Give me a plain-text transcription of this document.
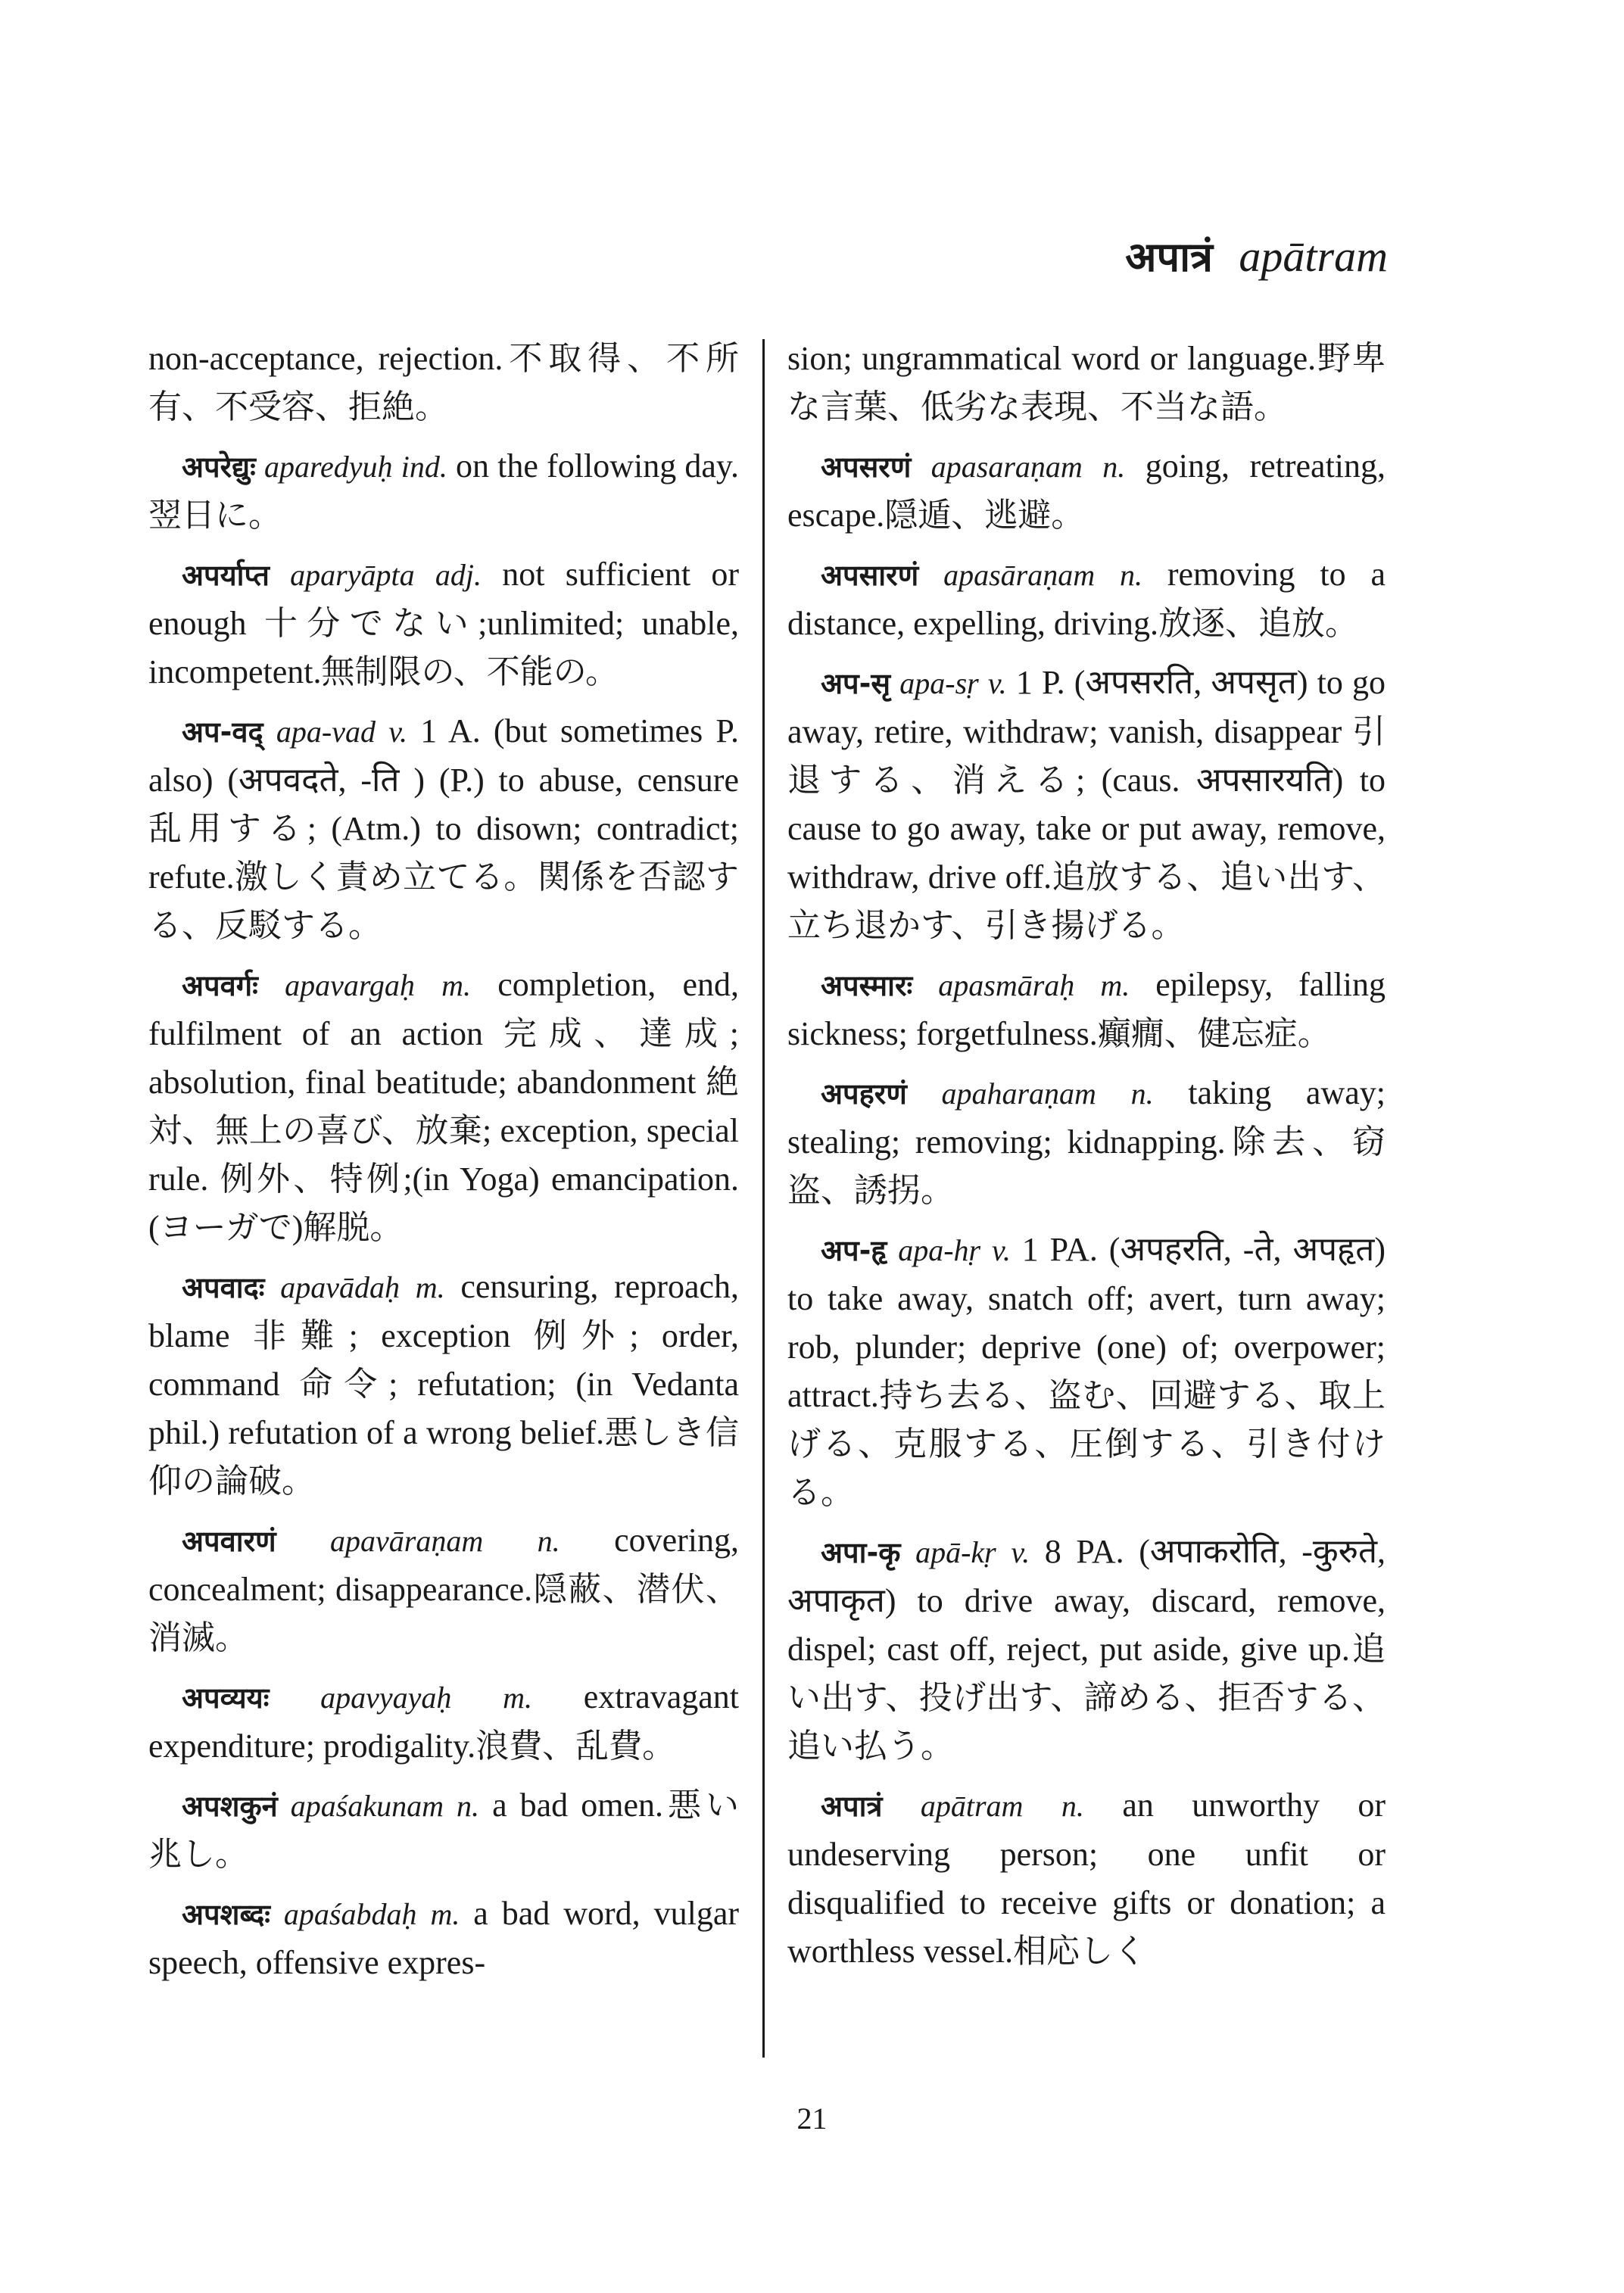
अपात्रं apātram
non-acceptance, rejection.不取得、不所有、不受容、拒絶。
अपरेद्युः aparedyuḥ ind. on the following day.翌日に。
अपर्याप्त aparyāpta adj. not sufficient or enough 十分でない;unlimited; unable, incompetent.無制限の、不能の。
अप-वद् apa-vad v. 1 A. (but sometimes P. also) (अपवदते, -ति ) (P.) to abuse, censure 乱用する; (Atm.) to disown; contradict; refute.激しく責め立てる。関係を否認する、反駁する。
अपवर्गः apavargaḥ m. completion, end, fulfilment of an action 完成、達成; absolution, final beatitude; abandonment 絶対、無上の喜び、放棄; exception, special rule. 例外、特例;(in Yoga) emancipation.(ヨーガで)解脱。
अपवादः apavādaḥ m. censuring, reproach, blame 非難; exception 例外; order, command 命令; refutation; (in Vedanta phil.) refutation of a wrong belief.悪しき信仰の論破。
अपवारणं apavāraṇam n. covering, concealment; disappearance.隠蔽、潜伏、消滅。
अपव्ययः apavyayaḥ m. extravagant expenditure; prodigality.浪費、乱費。
अपशकुनं apaśakunam n. a bad omen.悪い兆し。
अपशब्दः apaśabdaḥ m. a bad word, vulgar speech, offensive expres-
sion; ungrammatical word or language.野卑な言葉、低劣な表現、不当な語。
अपसरणं apasaraṇam n. going, retreating, escape.隠遁、逃避。
अपसारणं apasāraṇam n. removing to a distance, expelling, driving.放逐、追放。
अप-सृ apa-sṛ v. 1 P. (अपसरति, अपसृत) to go away, retire, withdraw; vanish, disappear 引退する、消える; (caus. अपसारयति) to cause to go away, take or put away, remove, withdraw, drive off.追放する、追い出す、立ち退かす、引き揚げる。
अपस्मारः apasmāraḥ m. epilepsy, falling sickness; forgetfulness.癲癇、健忘症。
अपहरणं apaharaṇam n. taking away; stealing; removing; kidnapping.除去、窃盗、誘拐。
अप-हृ apa-hṛ v. 1 PA. (अपहरति, -ते, अपहृत) to take away, snatch off; avert, turn away; rob, plunder; deprive (one) of; overpower; attract.持ち去る、盗む、回避する、取上げる、克服する、圧倒する、引き付ける。
अपा-कृ apā-kṛ v. 8 PA. (अपाकरोति, -कुरुते, अपाकृत) to drive away, discard, remove, dispel; cast off, reject, put aside, give up.追い出す、投げ出す、諦める、拒否する、追い払う。
अपात्रं apātram n. an unworthy or undeserving person; one unfit or disqualified to receive gifts or donation; a worthless vessel.相応しく
21
